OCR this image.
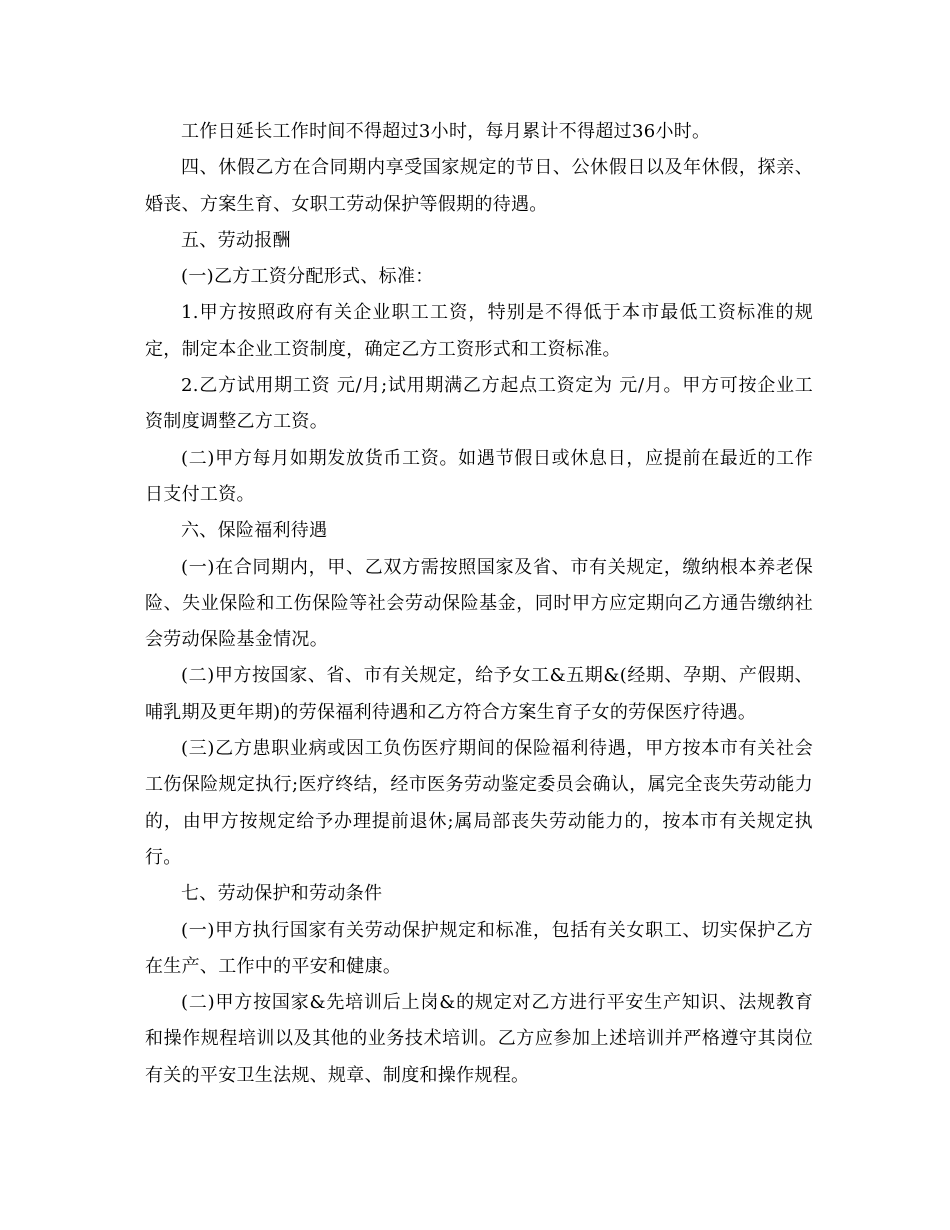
工作日延长工作时间不得超过3小时，每月累计不得超过36小时。

四、休假乙方在合同期内享受国家规定的节日、公休假日以及年休假，探亲、婚丧、方案生育、女职工劳动保护等假期的待遇。

五、劳动报酬

(一)乙方工资分配形式、标准：

1.甲方按照政府有关企业职工工资，特别是不得低于本市最低工资标准的规定，制定本企业工资制度，确定乙方工资形式和工资标准。

2.乙方试用期工资 元/月;试用期满乙方起点工资定为 元/月。甲方可按企业工资制度调整乙方工资。

(二)甲方每月如期发放货币工资。如遇节假日或休息日，应提前在最近的工作日支付工资。

六、保险福利待遇

(一)在合同期内，甲、乙双方需按照国家及省、市有关规定，缴纳根本养老保险、失业保险和工伤保险等社会劳动保险基金，同时甲方应定期向乙方通告缴纳社会劳动保险基金情况。

(二)甲方按国家、省、市有关规定，给予女工&五期&(经期、孕期、产假期、哺乳期及更年期)的劳保福利待遇和乙方符合方案生育子女的劳保医疗待遇。

(三)乙方患职业病或因工负伤医疗期间的保险福利待遇，甲方按本市有关社会工伤保险规定执行;医疗终结，经市医务劳动鉴定委员会确认，属完全丧失劳动能力的，由甲方按规定给予办理提前退休;属局部丧失劳动能力的，按本市有关规定执行。

七、劳动保护和劳动条件

(一)甲方执行国家有关劳动保护规定和标准，包括有关女职工、切实保护乙方在生产、工作中的平安和健康。

(二)甲方按国家&先培训后上岗&的规定对乙方进行平安生产知识、法规教育和操作规程培训以及其他的业务技术培训。乙方应参加上述培训并严格遵守其岗位有关的平安卫生法规、规章、制度和操作规程。
